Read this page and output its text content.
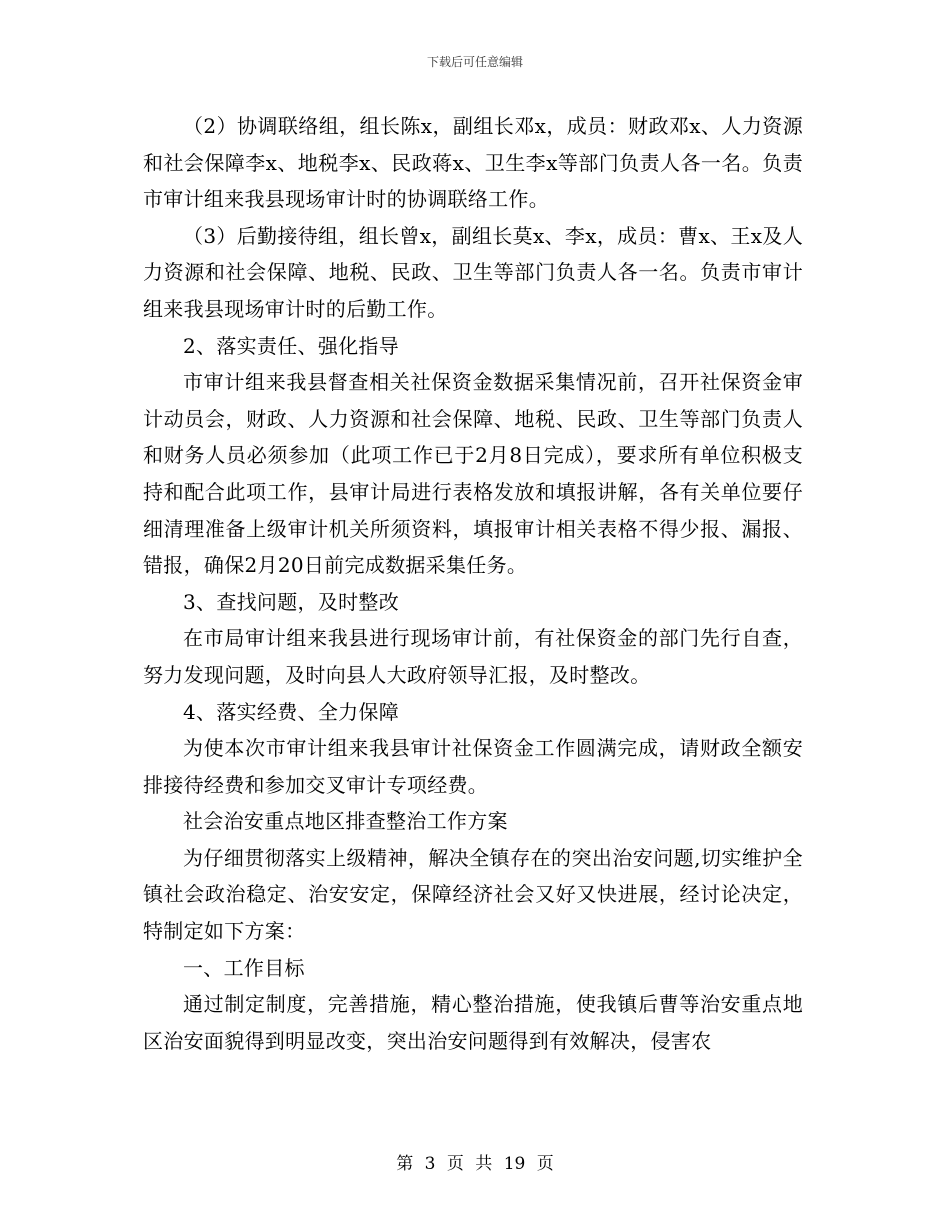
下载后可任意编辑

（2）协调联络组，组长陈x，副组长邓x，成员：财政邓x、人力资源和社会保障李x、地税李x、民政蒋x、卫生李x等部门负责人各一名。负责市审计组来我县现场审计时的协调联络工作。

（3）后勤接待组，组长曾x，副组长莫x、李x，成员：曹x、王x及人力资源和社会保障、地税、民政、卫生等部门负责人各一名。负责市审计组来我县现场审计时的后勤工作。

2、落实责任、强化指导

市审计组来我县督查相关社保资金数据采集情况前，召开社保资金审计动员会，财政、人力资源和社会保障、地税、民政、卫生等部门负责人和财务人员必须参加（此项工作已于2月8日完成），要求所有单位积极支持和配合此项工作，县审计局进行表格发放和填报讲解，各有关单位要仔细清理准备上级审计机关所须资料，填报审计相关表格不得少报、漏报、错报，确保2月20日前完成数据采集任务。

3、查找问题，及时整改

在市局审计组来我县进行现场审计前，有社保资金的部门先行自查，努力发现问题，及时向县人大政府领导汇报，及时整改。

4、落实经费、全力保障

为使本次市审计组来我县审计社保资金工作圆满完成，请财政全额安排接待经费和参加交叉审计专项经费。

社会治安重点地区排查整治工作方案

为仔细贯彻落实上级精神，解决全镇存在的突出治安问题,切实维护全镇社会政治稳定、治安安定，保障经济社会又好又快进展，经讨论决定，特制定如下方案：

一、工作目标

通过制定制度，完善措施，精心整治措施，使我镇后曹等治安重点地区治安面貌得到明显改变，突出治安问题得到有效解决，侵害农

第 3 页 共 19 页
